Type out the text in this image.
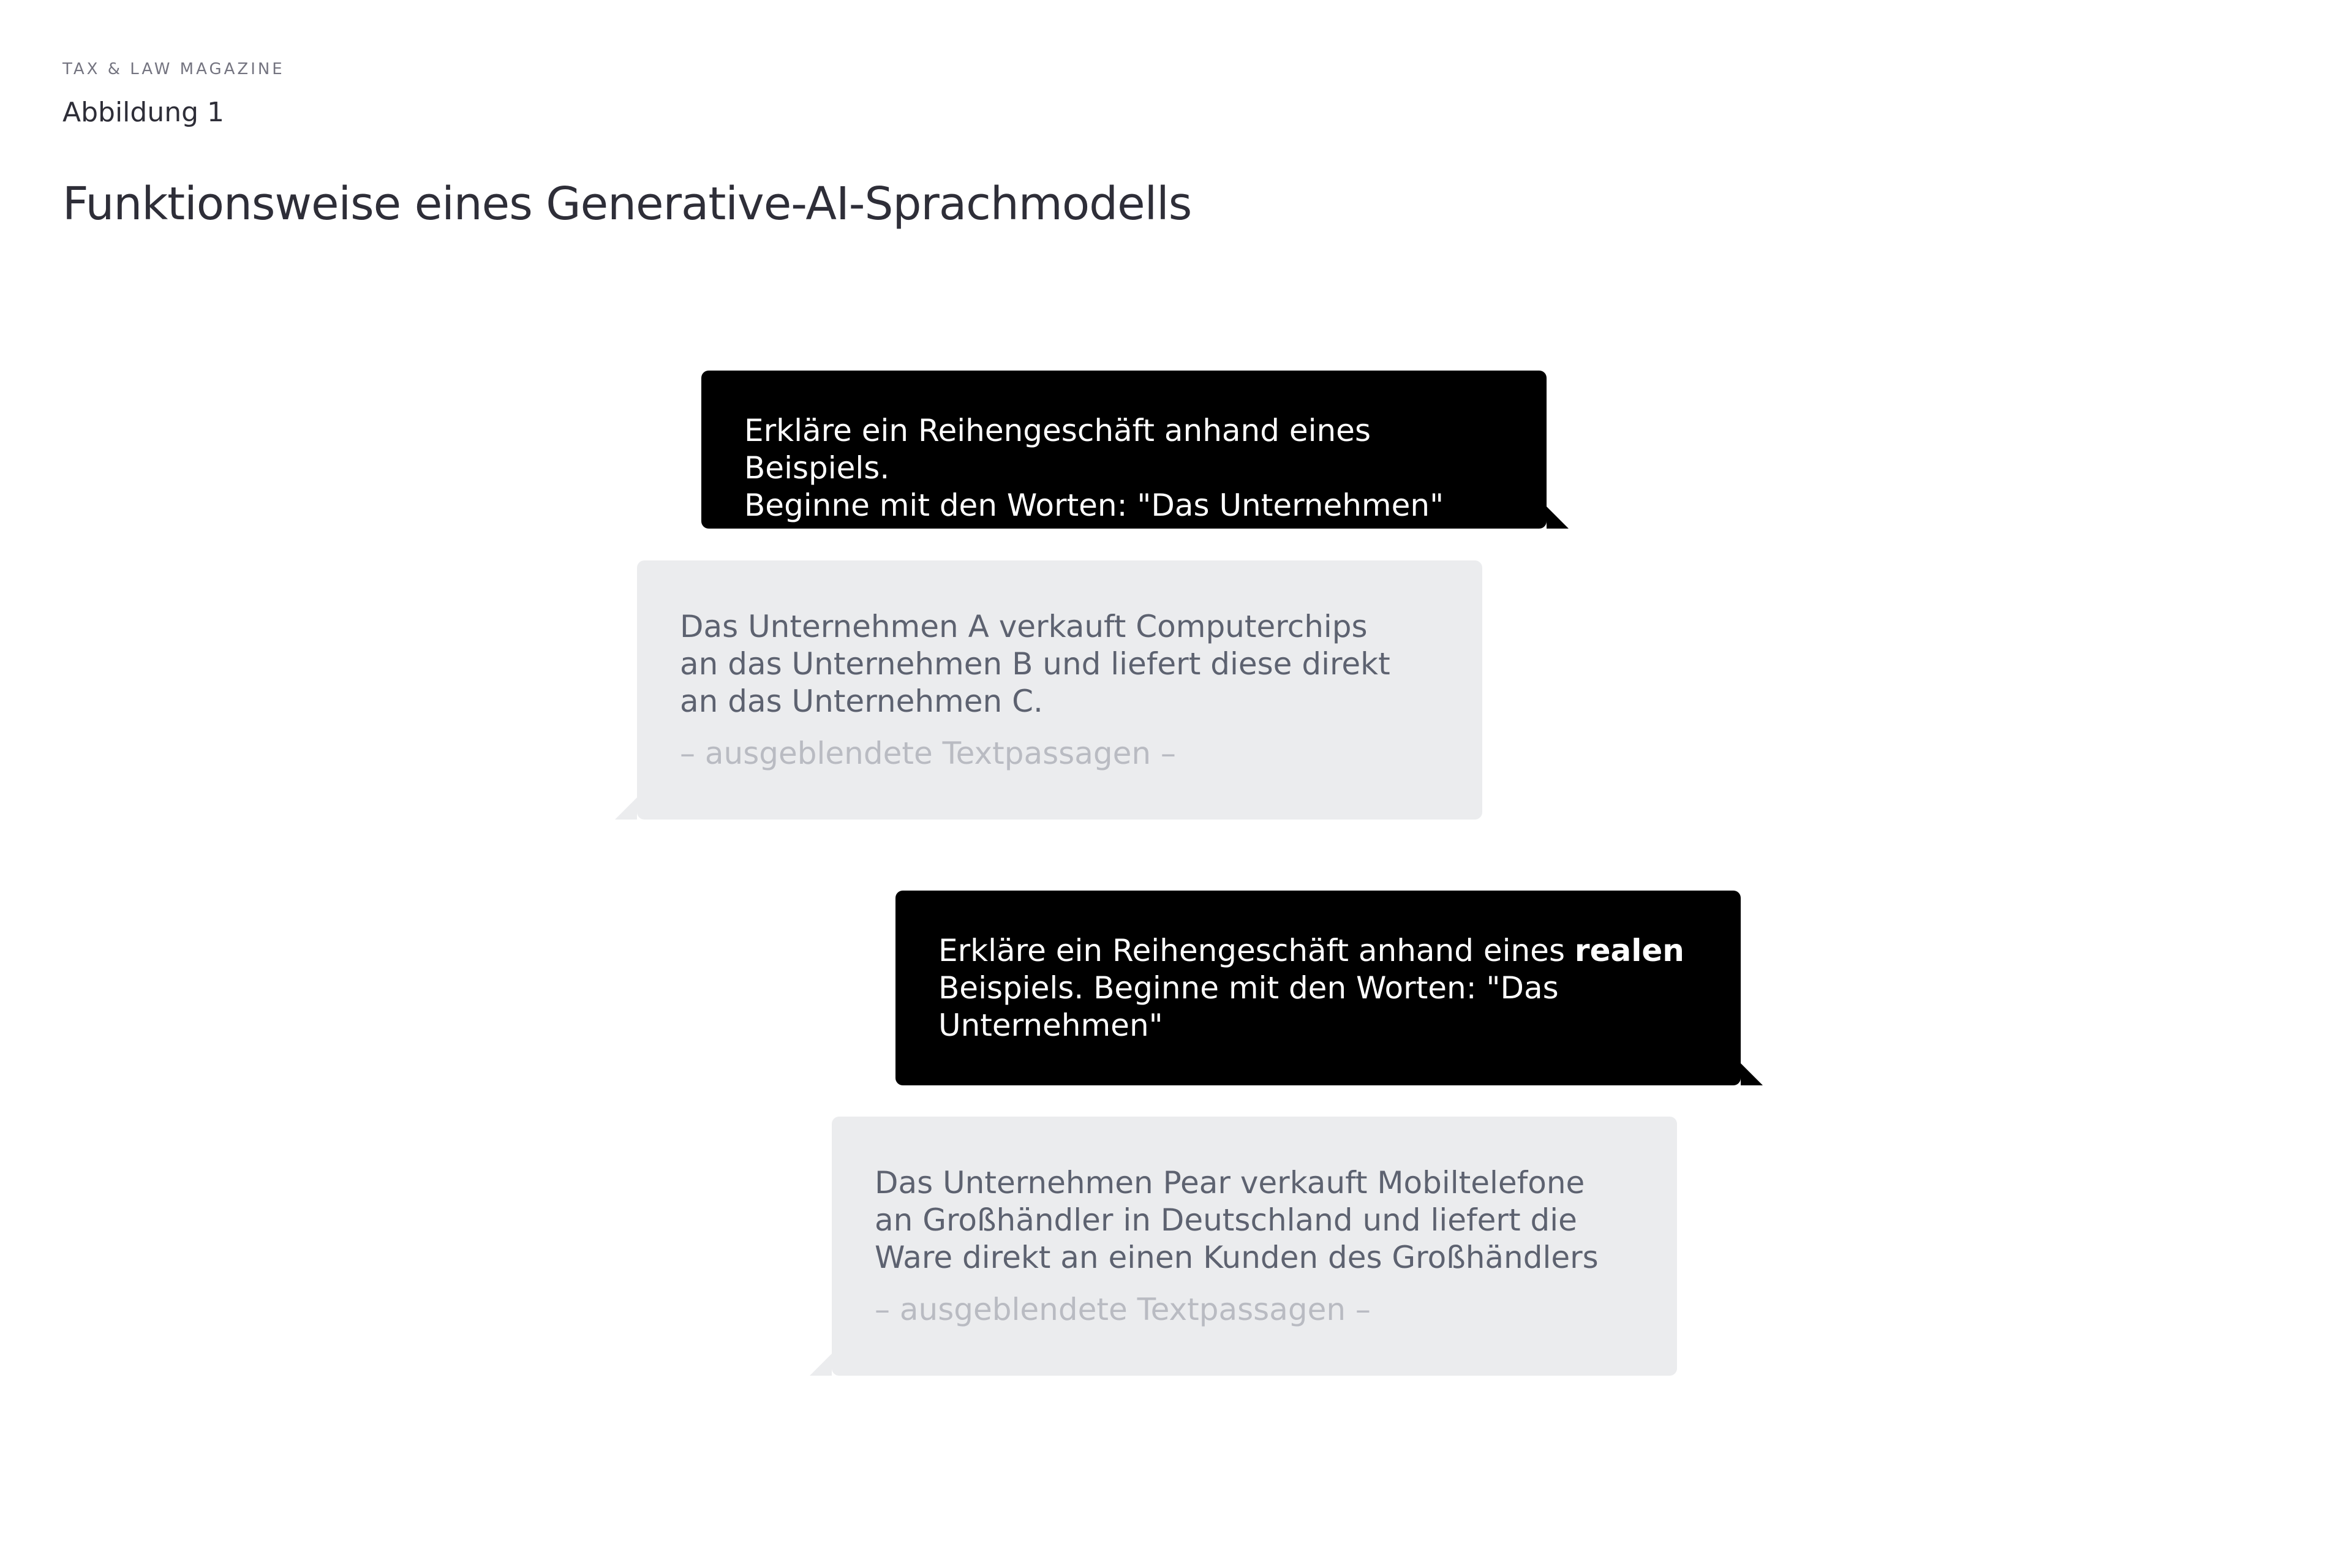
TAX & LAW MAGAZINE
Abbildung 1
Funktionsweise eines Generative-AI-Sprachmodells

Erkläre ein Reihengeschäft anhand eines Beispiels.

Beginne mit den Worten: "Das Unternehmen"

Das Unternehmen A verkauft Computerchips

an das Unternehmen B und liefert diese direkt

an das Unternehmen C.

– ausgeblendete Textpassagen –

Erkläre ein Reihengeschäft anhand eines realen

Beispiels. Beginne mit den Worten: "Das

Unternehmen"

Das Unternehmen Pear verkauft Mobiltelefone

an Großhändler in Deutschland und liefert die

Ware direkt an einen Kunden des Großhändlers

– ausgeblendete Textpassagen –
